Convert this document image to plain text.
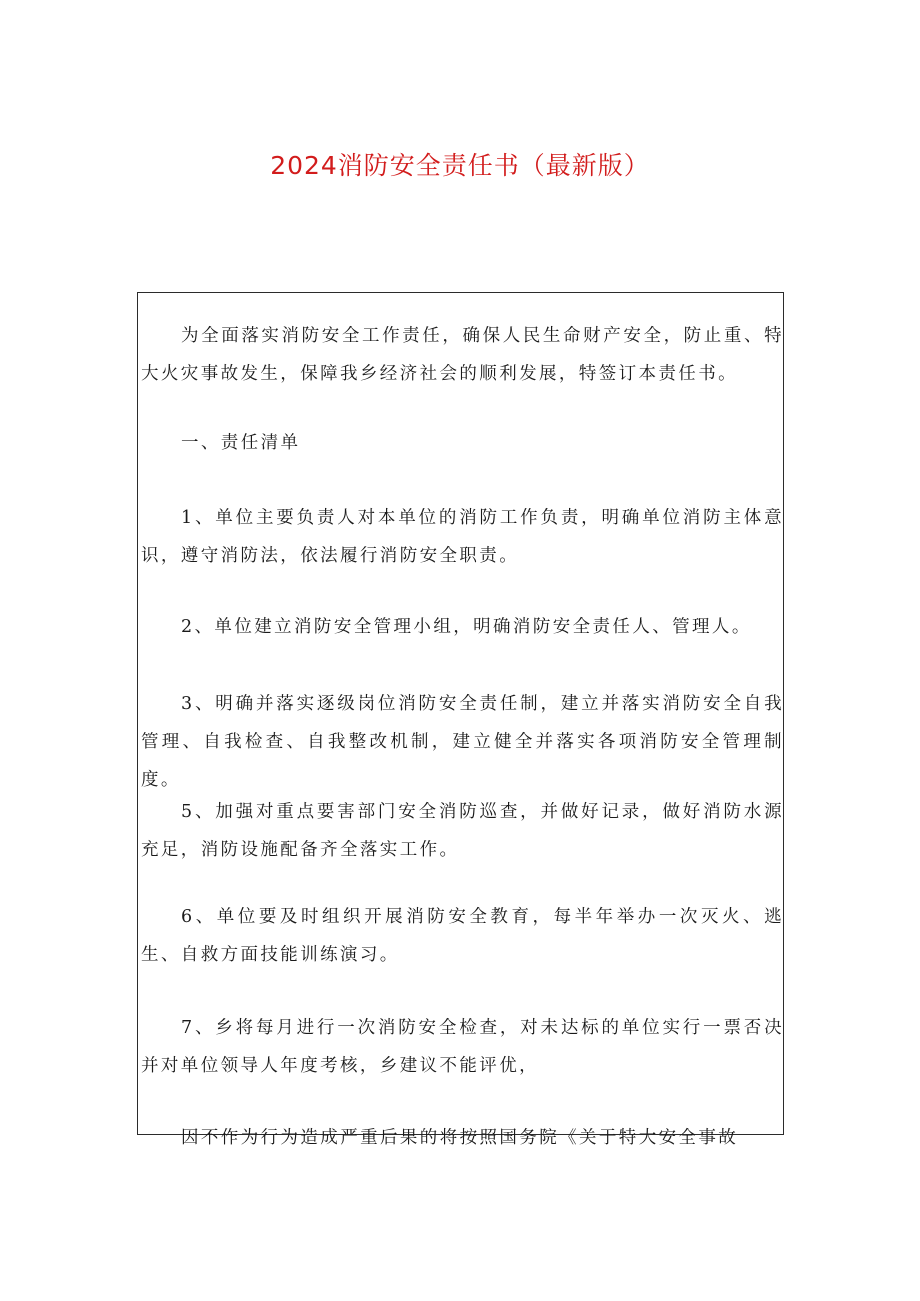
2024消防安全责任书（最新版）

为全面落实消防安全工作责任，确保人民生命财产安全，防止重、特大火灾事故发生，保障我乡经济社会的顺利发展，特签订本责任书。

一、责任清单

1、单位主要负责人对本单位的消防工作负责，明确单位消防主体意识，遵守消防法，依法履行消防安全职责。

2、单位建立消防安全管理小组，明确消防安全责任人、管理人。

3、明确并落实逐级岗位消防安全责任制，建立并落实消防安全自我管理、自我检查、自我整改机制，建立健全并落实各项消防安全管理制度。

5、加强对重点要害部门安全消防巡查，并做好记录，做好消防水源充足，消防设施配备齐全落实工作。

6、单位要及时组织开展消防安全教育，每半年举办一次灭火、逃生、自救方面技能训练演习。

7、乡将每月进行一次消防安全检查，对未达标的单位实行一票否决并对单位领导人年度考核，乡建议不能评优，

因不作为行为造成严重后果的将按照国务院《关于特大安全事故
